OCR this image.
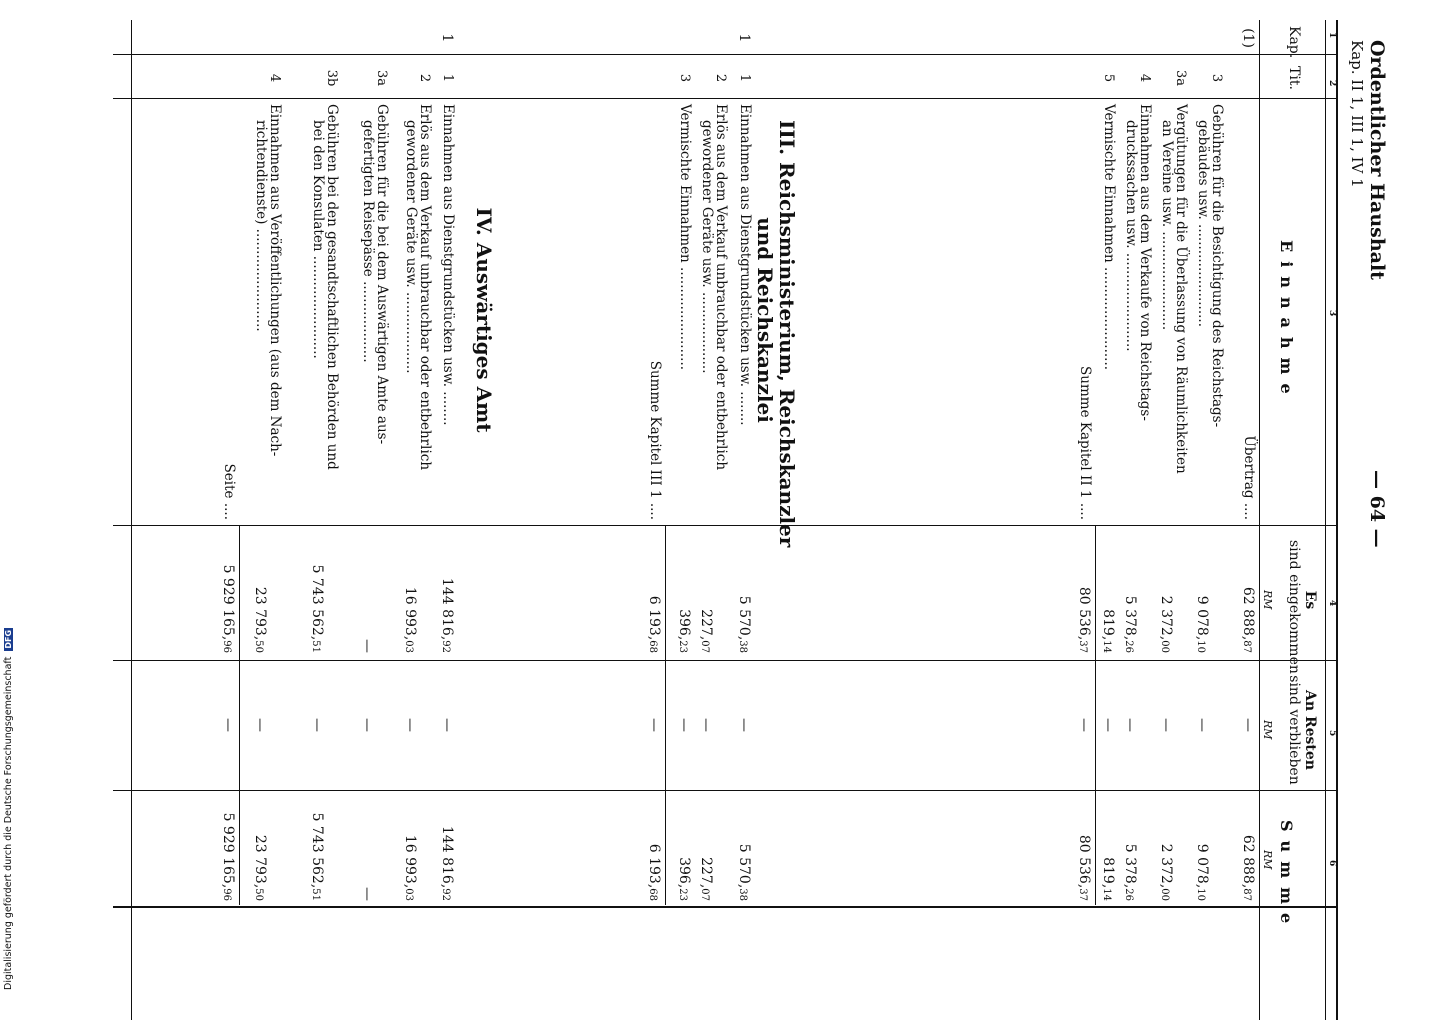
Ordentlicher Haushalt
Kap. II 1, III 1, IV 1
— 64 —
1
2
3
4
5
6
Kap.
Tit.
Einnahme
Es
sind eingekommen
An Resten
sind verblieben
Summe
RM
RM
RM
(1)
Übertrag ....
62 888,87
—
62 888,87
3
Gebühren für die Besichtigung des Reichstags-
gebäudes usw. ........................
9 078,10
—
9 078,10
3a
Vergütungen für die Überlassung von Räumlichkeiten
an Vereine usw. .......................
2 372,00
—
2 372,00
4
Einnahmen aus dem Verkaufe von Reichstags-
druckssachen usw. .......................
5 378,26
—
5 378,26
5
Vermischte Einnahmen ........................
819,14
—
819,14
Summe Kapitel II 1 ....
80 536,37
—
80 536,37
1
1
Einnahmen aus Dienstgrundstücken usw. ........
5 570,38
—
5 570,38
2
Erlös aus dem Verkauf unbrauchbar oder entbehrlich
gewordener Geräte usw. ...................
227,07
—
227,07
3
Vermischte Einnahmen ........................
396,23
—
396,23
Summe Kapitel III 1 ....
6 193,68
—
6 193,68
1
1
Einnahmen aus Dienstgrundstücken usw. ........
144 816,92
—
144 816,92
2
Erlös aus dem Verkauf unbrauchbar oder entbehrlich
gewordener Geräte usw. ...................
16 993,03
—
16 993,03
3a
Gebühren für die bei dem Auswärtigen Amte aus-
gefertigten Reisepässe ...................
—
—
—
3b
Gebühren bei den gesandtschaftlichen Behörden und
bei den Konsulaten ........................
5 743 562,51
—
5 743 562,51
4
Einnahmen aus Veröffentlichungen (aus dem Nach-
richtendienste) ........................
23 793,50
—
23 793,50
Seite ....
5 929 165,96
—
5 929 165,96
III. Reichsministerium, Reichskanzler
und Reichskanzlei
IV. Auswärtiges Amt
Digitalisierung gefördert durch die Deutsche Forschungsgemeinschaft DFG
